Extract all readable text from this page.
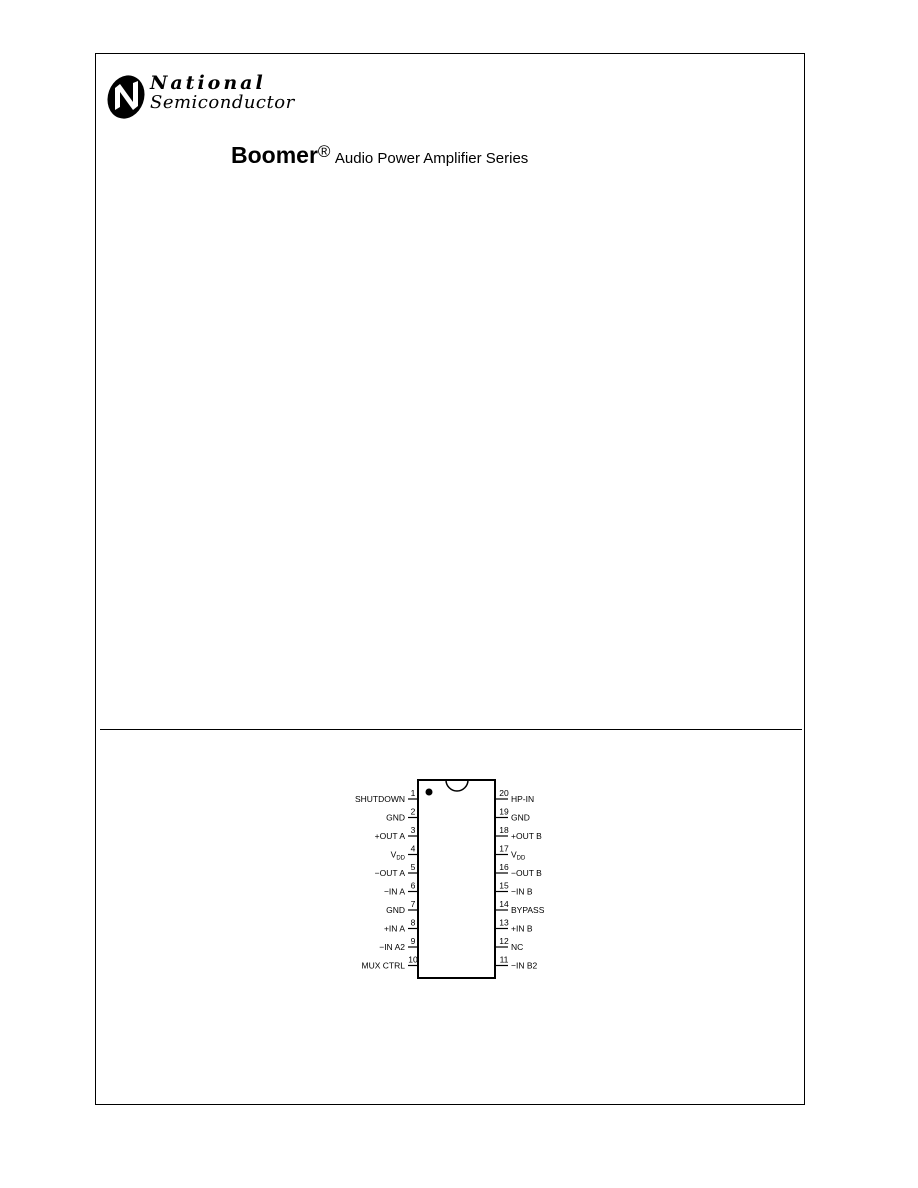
National
Semiconductor
Boomer® Audio Power Amplifier Series
1
SHUTDOWN
2
GND
3
+OUT A
4
$V_{DD}$
5
−OUT A
6
−IN A
7
GND
8
+IN A
9
−IN A2
10
MUX CTRL
20
HP-IN
19
GND
18
+OUT B
17
$V_{DD}$
16
−OUT B
15
−IN B
14
BYPASS
13
+IN B
12
NC
11
−IN B2
